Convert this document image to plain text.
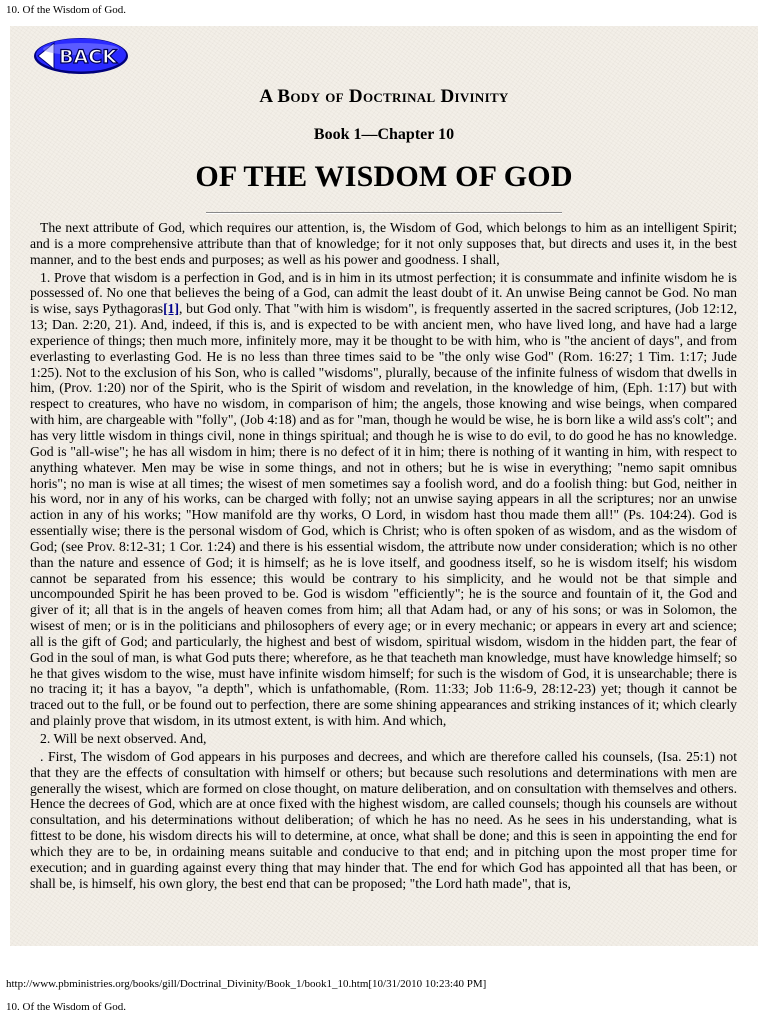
10. Of the Wisdom of God.
BACK
A Body of Doctrinal Divinity
Book 1—Chapter 10
OF THE WISDOM OF GOD

The next attribute of God, which requires our attention, is, the Wisdom of God, which belongs to him as an intelligent Spirit; and is a more comprehensive attribute than that of knowledge; for it not only supposes that, but directs and uses it, in the best manner, and to the best ends and purposes; as well as his power and goodness. I shall,

1. Prove that wisdom is a perfection in God, and is in him in its utmost perfection; it is consummate and infinite wisdom he is possessed of. No one that believes the being of a God, can admit the least doubt of it. An unwise Being cannot be God. No man is wise, says Pythagoras[1], but God only. That "with him is wisdom", is frequently asserted in the sacred scriptures, (Job 12:12, 13; Dan. 2:20, 21). And, indeed, if this is, and is expected to be with ancient men, who have lived long, and have had a large experience of things; then much more, infinitely more, may it be thought to be with him, who is "the ancient of days", and from everlasting to everlasting God. He is no less than three times said to be "the only wise God" (Rom. 16:27; 1 Tim. 1:17; Jude 1:25). Not to the exclusion of his Son, who is called "wisdoms", plurally, because of the infinite fulness of wisdom that dwells in him, (Prov. 1:20) nor of the Spirit, who is the Spirit of wisdom and revelation, in the knowledge of him, (Eph. 1:17) but with respect to creatures, who have no wisdom, in comparison of him; the angels, those knowing and wise beings, when compared with him, are chargeable with "folly", (Job 4:18) and as for "man, though he would be wise, he is born like a wild ass's colt"; and has very little wisdom in things civil, none in things spiritual; and though he is wise to do evil, to do good he has no knowledge. God is "all-wise"; he has all wisdom in him; there is no defect of it in him; there is nothing of it wanting in him, with respect to anything whatever. Men may be wise in some things, and not in others; but he is wise in everything; "nemo sapit omnibus horis"; no man is wise at all times; the wisest of men sometimes say a foolish word, and do a foolish thing: but God, neither in his word, nor in any of his works, can be charged with folly; not an unwise saying appears in all the scriptures; nor an unwise action in any of his works; "How manifold are thy works, O Lord, in wisdom hast thou made them all!" (Ps. 104:24). God is essentially wise; there is the personal wisdom of God, which is Christ; who is often spoken of as wisdom, and as the wisdom of God; (see Prov. 8:12-31; 1 Cor. 1:24) and there is his essential wisdom, the attribute now under consideration; which is no other than the nature and essence of God; it is himself; as he is love itself, and goodness itself, so he is wisdom itself; his wisdom cannot be separated from his essence; this would be contrary to his simplicity, and he would not be that simple and uncompounded Spirit he has been proved to be. God is wisdom "efficiently"; he is the source and fountain of it, the God and giver of it; all that is in the angels of heaven comes from him; all that Adam had, or any of his sons; or was in Solomon, the wisest of men; or is in the politicians and philosophers of every age; or in every mechanic; or appears in every art and science; all is the gift of God; and particularly, the highest and best of wisdom, spiritual wisdom, wisdom in the hidden part, the fear of God in the soul of man, is what God puts there; wherefore, as he that teacheth man knowledge, must have knowledge himself; so he that gives wisdom to the wise, must have infinite wisdom himself; for such is the wisdom of God, it is unsearchable; there is no tracing it; it has a bayov, "a depth", which is unfathomable, (Rom. 11:33; Job 11:6-9, 28:12-23) yet; though it cannot be traced out to the full, or be found out to perfection, there are some shining appearances and striking instances of it; which clearly and plainly prove that wisdom, in its utmost extent, is with him. And which,

2. Will be next observed. And,

. First, The wisdom of God appears in his purposes and decrees, and which are therefore called his counsels, (Isa. 25:1) not that they are the effects of consultation with himself or others; but because such resolutions and determinations with men are generally the wisest, which are formed on close thought, on mature deliberation, and on consultation with themselves and others. Hence the decrees of God, which are at once fixed with the highest wisdom, are called counsels; though his counsels are without consultation, and his determinations without deliberation; of which he has no need. As he sees in his understanding, what is fittest to be done, his wisdom directs his will to determine, at once, what shall be done; and this is seen in appointing the end for which they are to be, in ordaining means suitable and conducive to that end; and in pitching upon the most proper time for execution; and in guarding against every thing that may hinder that. The end for which God has appointed all that has been, or shall be, is himself, his own glory, the best end that can be proposed; "the Lord hath made", that is,

http://www.pbministries.org/books/gill/Doctrinal_Divinity/Book_1/book1_10.htm[10/31/2010 10:23:40 PM]
10. Of the Wisdom of God.
